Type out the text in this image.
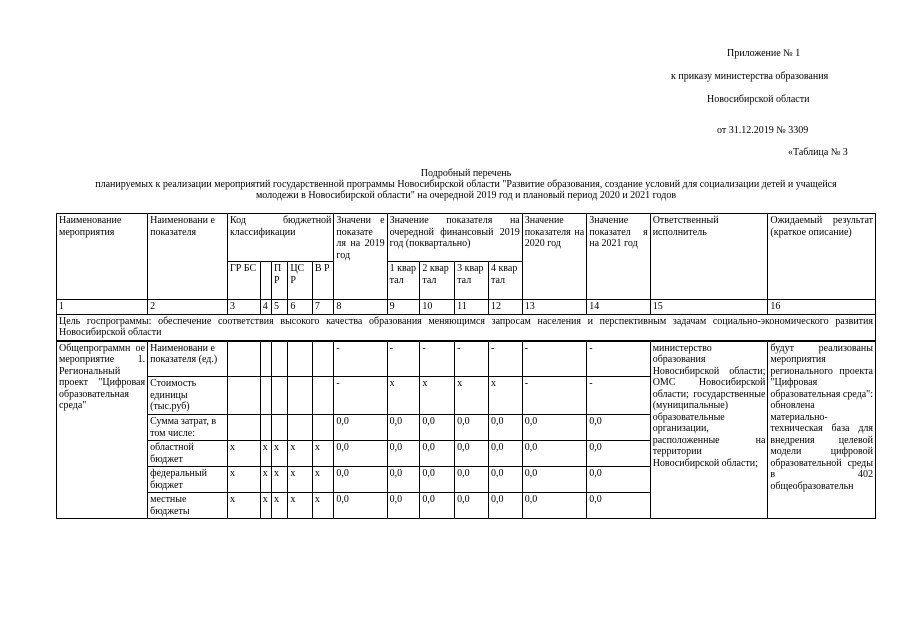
Приложение № 1
к приказу министерства образования
Новосибирской области
от 31.12.2019 № 3309
«Таблица № 3
Подробный перечень
планируемых к реализации мероприятий государственной программы Новосибирской области "Развитие образования, создание условий для социализации детей и учащейся
молодежи в Новосибирской области" на очередной 2019 год и плановый период 2020 и 2021 годов
Наименование мероприятия	Наименовани е показателя	Код бюджетной классификации					Значени е показате ля на 2019 год	Значение показателя на очередной финансовый 2019 год (поквартально)				Значение показателя на 2020 год	Значение показател я на 2021 год	Ответственный исполнитель	Ожидаемый результат (краткое описание)
		ГР БС		П Р	ЦС Р	В Р		1 квар тал	2 квар тал	3 квар тал	4 квар тал				
1	2	3	4	5	6	7	8	9	10	11	12	13	14	15	16
Цель госпрограммы: обеспечение соответствия высокого качества образования меняющимся запросам населения и перспективным задачам социально-экономического развития Новосибирской области															
Общепрограммн ое мероприятие 1. Региональный проект "Цифровая образовательная среда"	Наименовани е показателя (ед.)						-	-	-	-	-	-	-	министерство образования Новосибирской области; ОМС Новосибирской области; государственные (муниципальные) образовательные организации, расположенные на территории Новосибирской области;	будут реализованы мероприятия регионального проекта "Цифровая образовательная среда": обновлена материально-техническая база для внедрения целевой модели цифровой образовательной среды в 402 общеобразовательн
	Стоимость единицы (тыс.руб)						-	х	х	х	х	-	-		
	Сумма затрат, в том числе:						0,0	0,0	0,0	0,0	0,0	0,0	0,0		
	областной бюджет	х	х	х	х	х	0,0	0,0	0,0	0,0	0,0	0,0	0,0		
	федеральный бюджет	х	х	х	х	х	0,0	0,0	0,0	0,0	0,0	0,0	0,0		
	местные бюджеты	х	х	х	х	х	0,0	0,0	0,0	0,0	0,0	0,0	0,0		
